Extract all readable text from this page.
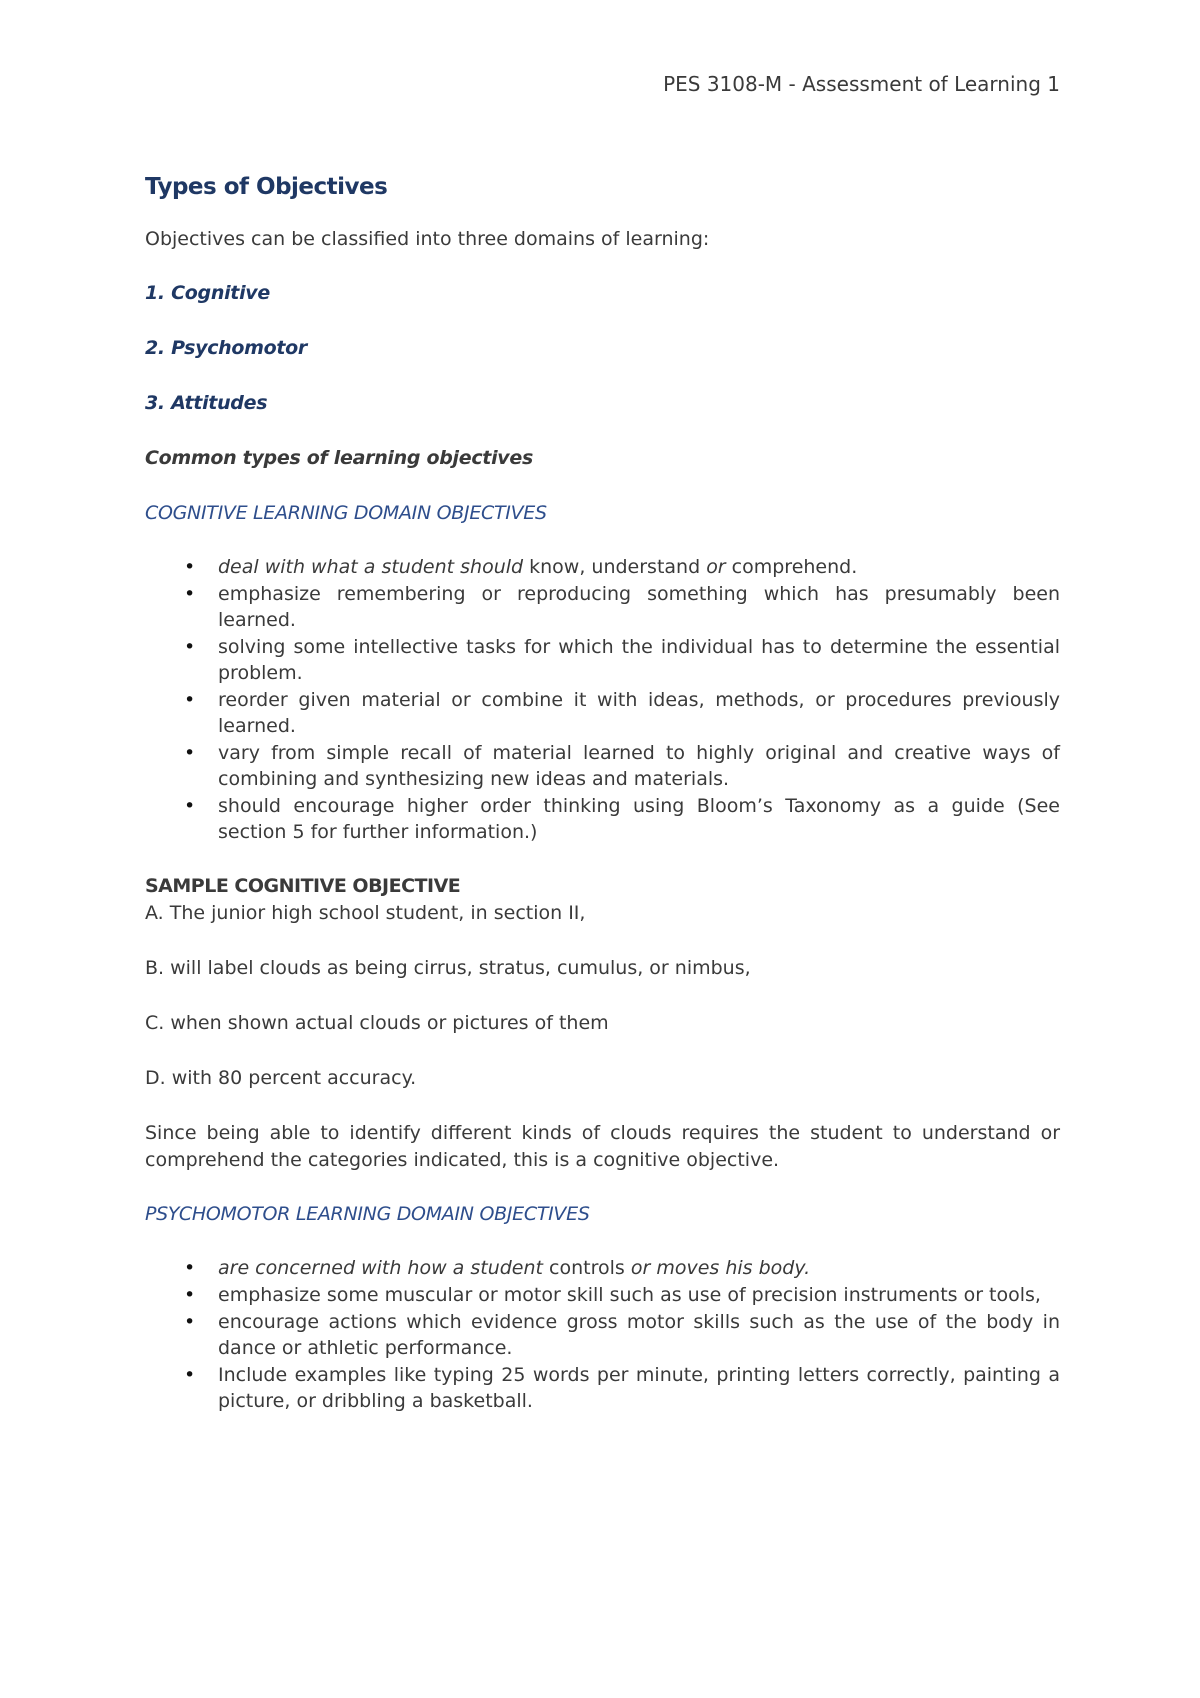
PES 3108-M - Assessment of Learning 1
Types of Objectives

Objectives can be classified into three domains of learning:

1. Cognitive
2. Psychomotor
3. Attitudes
Common types of learning objectives
COGNITIVE LEARNING DOMAIN OBJECTIVES
• deal with what a student should know, understand or comprehend.
• emphasize remembering or reproducing something which has presumably been learned.
• solving some intellective tasks for which the individual has to determine the essential problem.
• reorder given material or combine it with ideas, methods, or procedures previously learned.
• vary from simple recall of material learned to highly original and creative ways of combining and synthesizing new ideas and materials.
• should encourage higher order thinking using Bloom’s Taxonomy as a guide (See section 5 for further information.)
SAMPLE COGNITIVE OBJECTIVE
A. The junior high school student, in section II,
B. will label clouds as being cirrus, stratus, cumulus, or nimbus,
C. when shown actual clouds or pictures of them
D. with 80 percent accuracy.

Since being able to identify different kinds of clouds requires the student to understand or comprehend the categories indicated, this is a cognitive objective.

PSYCHOMOTOR LEARNING DOMAIN OBJECTIVES
• are concerned with how a student controls or moves his body.
• emphasize some muscular or motor skill such as use of precision instruments or tools,
• encourage actions which evidence gross motor skills such as the use of the body in dance or athletic performance.
• Include examples like typing 25 words per minute, printing letters correctly, painting a picture, or dribbling a basketball.
